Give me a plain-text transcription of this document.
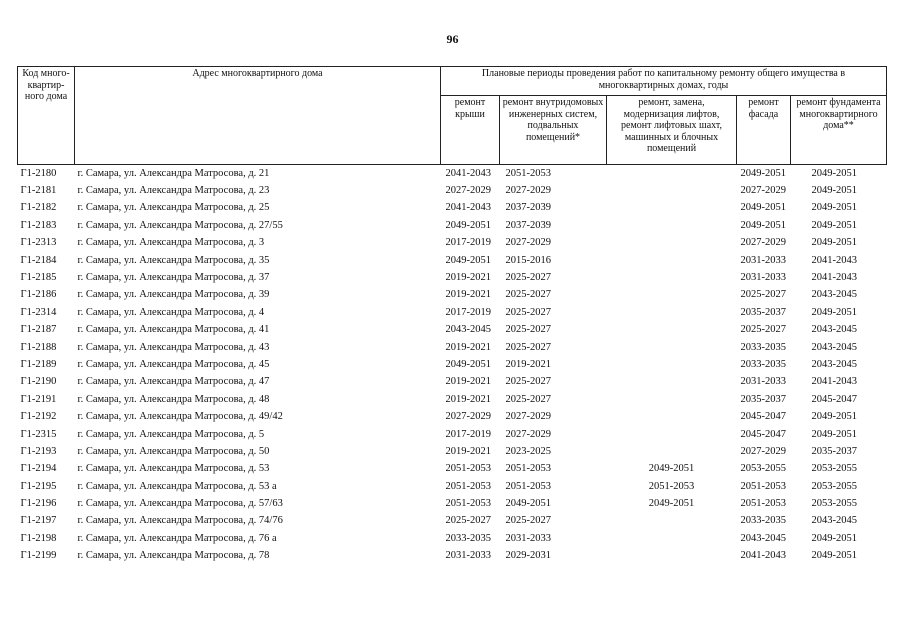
96
Код много-квартир-ного дома	Адрес многоквартирного дома	Плановые периоды проведения работ по капитальному ремонту общего имущества в многоквартирных домах, годы				
		ремонт крыши	ремонт внутридомовых инженерных систем, подвальных помещений*	ремонт, замена, модернизация лифтов, ремонт лифтовых шахт, машинных и блочных помещений	ремонт фасада	ремонт фундамента многоквартирного дома**
Г1-2180	г. Самара, ул. Александра Матросова, д. 21	2041-2043	2051-2053		2049-2051	2049-2051
Г1-2181	г. Самара, ул. Александра Матросова, д. 23	2027-2029	2027-2029		2027-2029	2049-2051
Г1-2182	г. Самара, ул. Александра Матросова, д. 25	2041-2043	2037-2039		2049-2051	2049-2051
Г1-2183	г. Самара, ул. Александра Матросова, д. 27/55	2049-2051	2037-2039		2049-2051	2049-2051
Г1-2313	г. Самара, ул. Александра Матросова, д. 3	2017-2019	2027-2029		2027-2029	2049-2051
Г1-2184	г. Самара, ул. Александра Матросова, д. 35	2049-2051	2015-2016		2031-2033	2041-2043
Г1-2185	г. Самара, ул. Александра Матросова, д. 37	2019-2021	2025-2027		2031-2033	2041-2043
Г1-2186	г. Самара, ул. Александра Матросова, д. 39	2019-2021	2025-2027		2025-2027	2043-2045
Г1-2314	г. Самара, ул. Александра Матросова, д. 4	2017-2019	2025-2027		2035-2037	2049-2051
Г1-2187	г. Самара, ул. Александра Матросова, д. 41	2043-2045	2025-2027		2025-2027	2043-2045
Г1-2188	г. Самара, ул. Александра Матросова, д. 43	2019-2021	2025-2027		2033-2035	2043-2045
Г1-2189	г. Самара, ул. Александра Матросова, д. 45	2049-2051	2019-2021		2033-2035	2043-2045
Г1-2190	г. Самара, ул. Александра Матросова, д. 47	2019-2021	2025-2027		2031-2033	2041-2043
Г1-2191	г. Самара, ул. Александра Матросова, д. 48	2019-2021	2025-2027		2035-2037	2045-2047
Г1-2192	г. Самара, ул. Александра Матросова, д. 49/42	2027-2029	2027-2029		2045-2047	2049-2051
Г1-2315	г. Самара, ул. Александра Матросова, д. 5	2017-2019	2027-2029		2045-2047	2049-2051
Г1-2193	г. Самара, ул. Александра Матросова, д. 50	2019-2021	2023-2025		2027-2029	2035-2037
Г1-2194	г. Самара, ул. Александра Матросова, д. 53	2051-2053	2051-2053	2049-2051	2053-2055	2053-2055
Г1-2195	г. Самара, ул. Александра Матросова, д. 53 а	2051-2053	2051-2053	2051-2053	2051-2053	2053-2055
Г1-2196	г. Самара, ул. Александра Матросова, д. 57/63	2051-2053	2049-2051	2049-2051	2051-2053	2053-2055
Г1-2197	г. Самара, ул. Александра Матросова, д. 74/76	2025-2027	2025-2027		2033-2035	2043-2045
Г1-2198	г. Самара, ул. Александра Матросова, д. 76 а	2033-2035	2031-2033		2043-2045	2049-2051
Г1-2199	г. Самара, ул. Александра Матросова, д. 78	2031-2033	2029-2031		2041-2043	2049-2051
